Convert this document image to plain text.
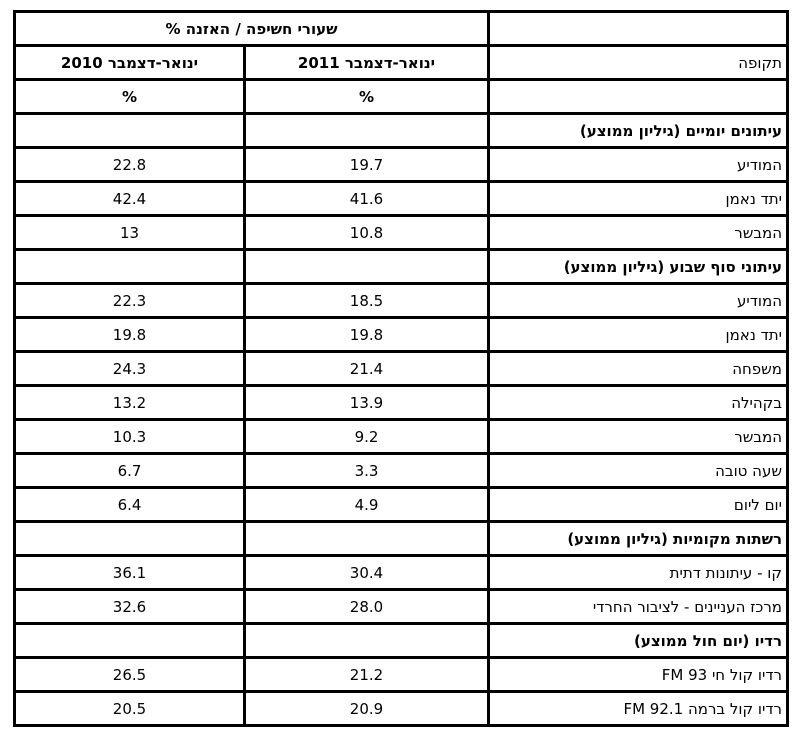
	שעורי חשיפה / האזנה %	
תקופה	ינואר-דצמבר 2011	ינואר-דצמבר 2010
	%	%
עיתונים יומיים (גיליון ממוצע)		
המודיע	19.7	22.8
יתד נאמן	41.6	42.4
המבשר	10.8	13
עיתוני סוף שבוע (גיליון ממוצע)		
המודיע	18.5	22.3
יתד נאמן	19.8	19.8
משפחה	21.4	24.3
בקהילה	13.9	13.2
המבשר	9.2	10.3
שעה טובה	3.3	6.7
יום ליום	4.9	6.4
רשתות מקומיות (גיליון ממוצע)		
קו - עיתונות דתית	30.4	36.1
מרכז העניינים - לציבור החרדי	28.0	32.6
רדיו (יום חול ממוצע)		
רדיו קול חי FM 93	21.2	26.5
רדיו קול ברמה FM 92.1	20.9	20.5
